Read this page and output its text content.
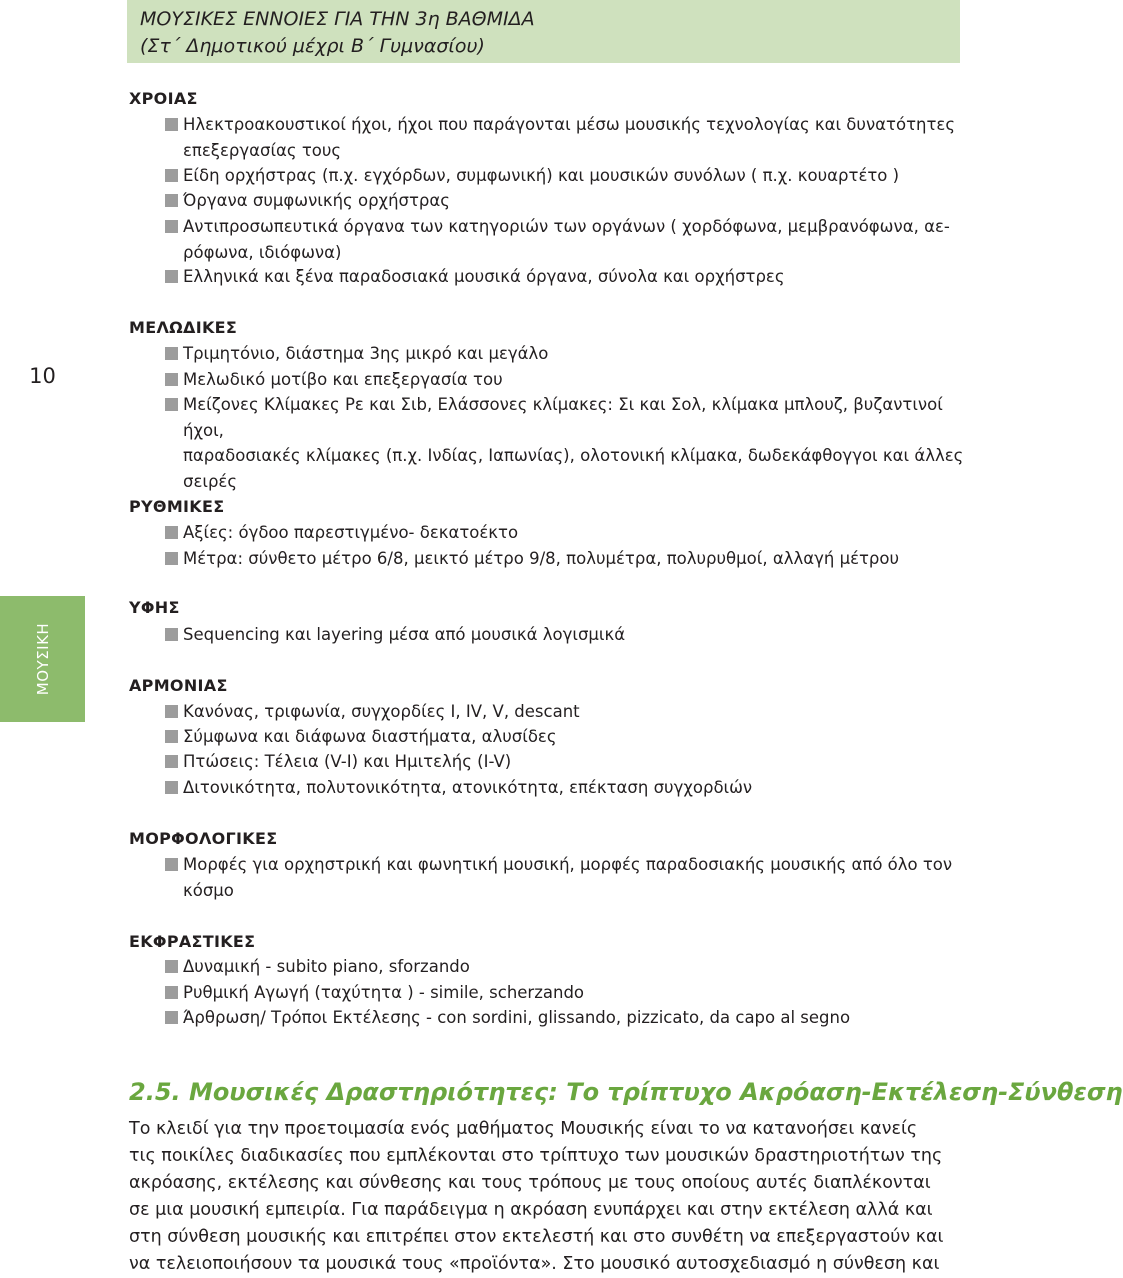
10
ΜΟΥΣΙΚΗ
ΜΟΥΣΙΚΕΣ ΕΝΝΟΙΕΣ ΓΙΑ ΤΗΝ 3η ΒΑΘΜΙΔΑ
(Στ΄ Δημοτικού μέχρι Β΄ Γυμνασίου)
ΧΡΟΙΑΣ
Ηλεκτροακουστικοί ήχοι, ήχοι που παράγονται μέσω μουσικής τεχνολογίας και δυνατότητες
επεξεργασίας τους
Είδη ορχήστρας (π.χ. εγχόρδων, συμφωνική) και μουσικών συνόλων ( π.χ. κουαρτέτο )
Όργανα συμφωνικής ορχήστρας
Αντιπροσωπευτικά όργανα των κατηγοριών των οργάνων ( χορδόφωνα, μεμβρανόφωνα, αε-
ρόφωνα, ιδιόφωνα)
Ελληνικά και ξένα παραδοσιακά μουσικά όργανα, σύνολα και ορχήστρες
ΜΕΛΩΔΙΚΕΣ
Τριμητόνιο, διάστημα 3ης μικρό και μεγάλο
Μελωδικό μοτίβο και επεξεργασία του
Μείζονες Κλίμακες Ρε και Σιb, Ελάσσονες κλίμακες: Σι και Σολ, κλίμακα μπλουζ, βυζαντινοί ήχοι,
παραδοσιακές κλίμακες (π.χ. Ινδίας, Ιαπωνίας), ολοτονική κλίμακα, δωδεκάφθογγοι και άλλες
σειρές
ΡΥΘΜΙΚΕΣ
Αξίες: όγδοο παρεστιγμένο- δεκατοέκτο
Μέτρα: σύνθετο μέτρο 6/8, μεικτό μέτρο 9/8, πολυμέτρα, πολυρυθμοί, αλλαγή μέτρου
ΥΦΗΣ
Sequencing και layering μέσα από μουσικά λογισμικά
ΑΡΜΟΝΙΑΣ
Κανόνας, τριφωνία, συγχορδίες I, IV, V, descant
Σύμφωνα και διάφωνα διαστήματα, αλυσίδες
Πτώσεις: Τέλεια (V-I) και Ημιτελής (I-V)
Διτονικότητα, πολυτονικότητα, ατονικότητα, επέκταση συγχορδιών
ΜΟΡΦΟΛΟΓΙΚΕΣ
Μορφές για ορχηστρική και φωνητική μουσική, μορφές παραδοσιακής μουσικής από όλο τον
κόσμο
ΕΚΦΡΑΣΤΙΚΕΣ
Δυναμική - subito piano, sforzando
Ρυθμική Αγωγή (ταχύτητα ) - simile, scherzando
Άρθρωση/ Τρόποι Εκτέλεσης - con sordini, glissando, pizzicato, da capo al segno
2.5. Μουσικές Δραστηριότητες: Το τρίπτυχο Ακρόαση-Εκτέλεση-Σύνθεση
Το κλειδί για την προετοιμασία ενός μαθήματος Μουσικής είναι το να κατανοήσει κανείς
τις ποικίλες διαδικασίες που εμπλέκονται στο τρίπτυχο των μουσικών δραστηριοτήτων της
ακρόασης, εκτέλεσης και σύνθεσης και τους τρόπους με τους οποίους αυτές διαπλέκονται
σε μια μουσική εμπειρία. Για παράδειγμα η ακρόαση ενυπάρχει και στην εκτέλεση αλλά και
στη σύνθεση μουσικής και επιτρέπει στον εκτελεστή και στο συνθέτη να επεξεργαστούν και
να τελειοποιήσουν τα μουσικά τους «προϊόντα». Στο μουσικό αυτοσχεδιασμό η σύνθεση και
